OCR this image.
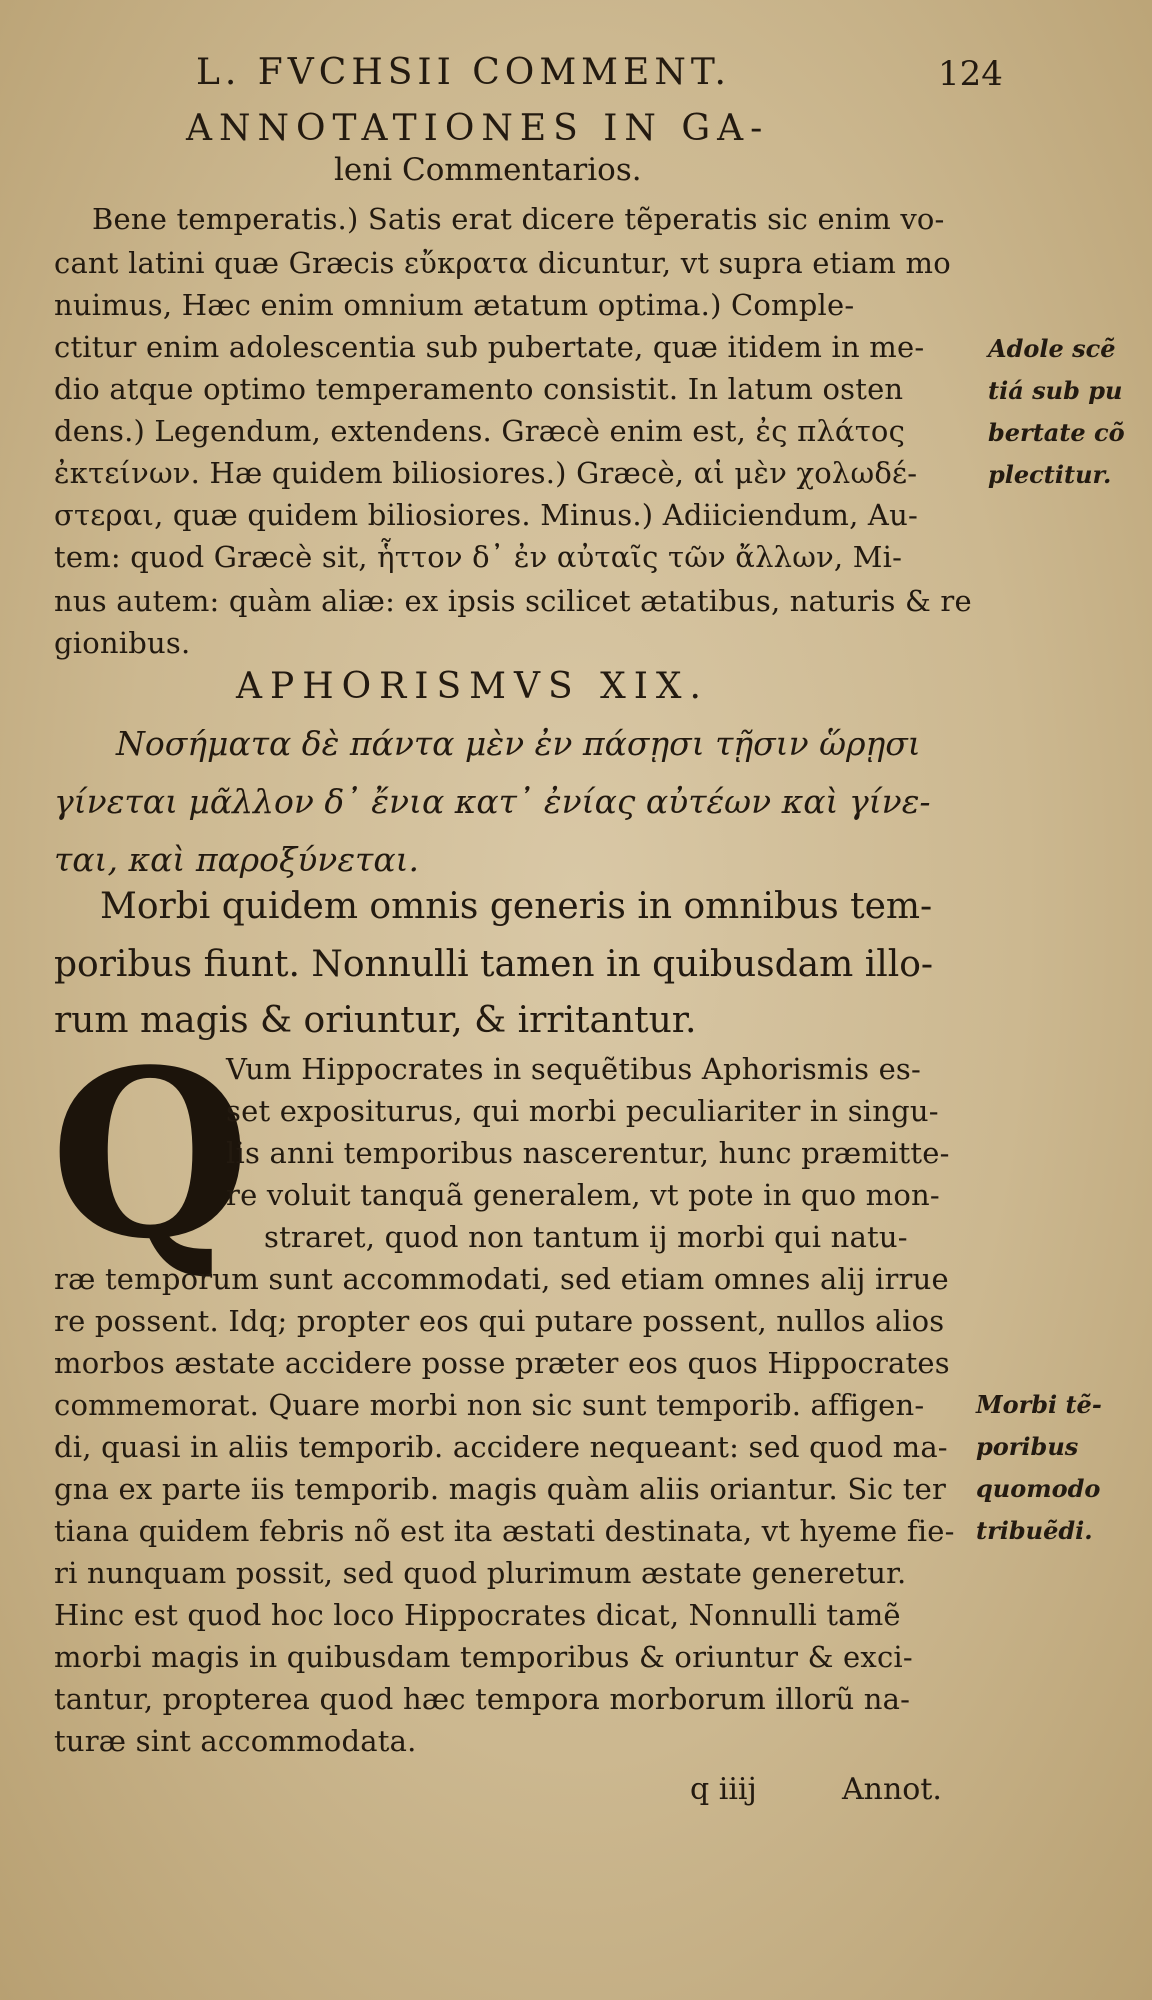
L. FVCHSII COMMENT.	124
ANNOTATIONES IN GA-
leni Commentarios.
Bene temperatis.) Satis erat dicere tẽperatis sic enim vo-
cant latini quæ Græcis εὔκρατα dicuntur, vt supra etiam mo
nuimus, Hæc enim omnium ætatum optima.) Comple-
ctitur enim adolescentia sub pubertate, quæ itidem in me-
dio atque optimo temperamento consistit. In latum osten
dens.) Legendum, extendens. Græcè enim est, ἐς πλάτος
ἐκτείνων. Hæ quidem biliosiores.) Græcè, αἱ μὲν χολωδέ-
στεραι, quæ quidem biliosiores. Minus.) Adiiciendum, Au-
tem: quod Græcè sit, ἧττον δ᾽ ἐν αὐταῖς τῶν ἄλλων, Mi-
nus autem: quàm aliæ: ex ipsis scilicet ætatibus, naturis & re
gionibus.
Adole scẽ
tiá sub pu
bertate cõ
plectitur.
APHORISMVS XIX.
Νοσήματα δὲ πάντα μὲν ἐν πάσῃσι τῇσιν ὥρῃσι
γίνεται μᾶλλον δ᾽ ἔνια κατ᾽ ἐνίας αὐτέων καὶ γίνε-
ται, καὶ παροξύνεται.
Morbi quidem omnis generis in omnibus tem-
poribus fiunt. Nonnulli tamen in quibusdam illo-
rum magis & oriuntur, & irritantur.
Q
Vum Hippocrates in sequẽtibus Aphorismis es-
set expositurus, qui morbi peculiariter in singu-
lis anni temporibus nascerentur, hunc præmitte-
re voluit tanquã generalem, vt pote in quo mon-
straret, quod non tantum ij morbi qui natu-
ræ temporum sunt accommodati, sed etiam omnes alij irrue
re possent. Idq; propter eos qui putare possent, nullos alios
morbos æstate accidere posse præter eos quos Hippocrates
commemorat. Quare morbi non sic sunt temporib. affigen-
di, quasi in aliis temporib. accidere nequeant: sed quod ma-
gna ex parte iis temporib. magis quàm aliis oriantur. Sic ter
tiana quidem febris nõ est ita æstati destinata, vt hyeme fie-
ri nunquam possit, sed quod plurimum æstate generetur.
Hinc est quod hoc loco Hippocrates dicat, Nonnulli tamẽ
morbi magis in quibusdam temporibus & oriuntur & exci-
tantur, propterea quod hæc tempora morborum illorũ na-
turæ sint accommodata.
Morbi tẽ-
poribus
quomodo
tribuẽdi.
q iiij	Annot.
